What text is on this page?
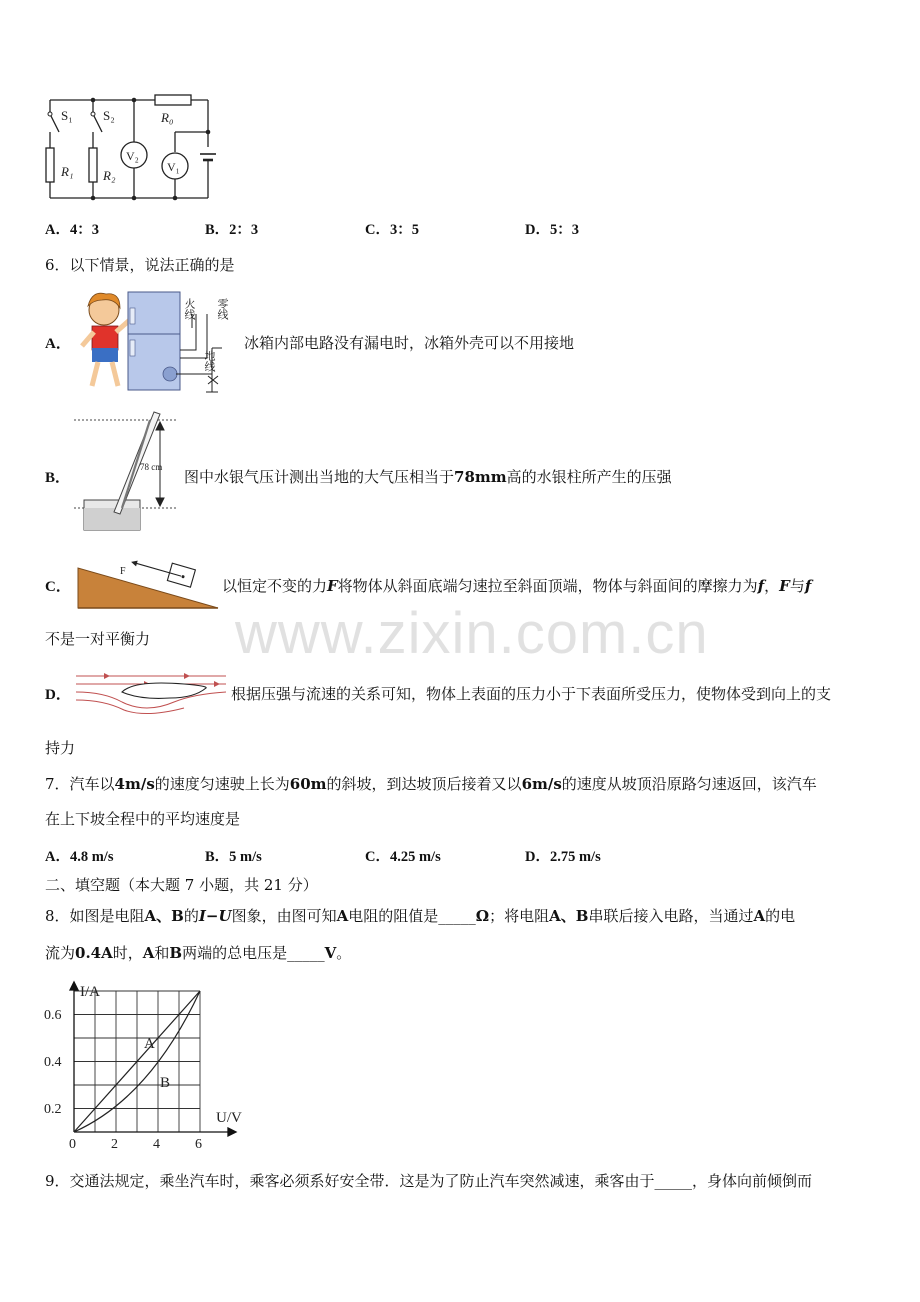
S₁ S₂
R₁ R₂
R₀
V₂
V₁
A．4：3	B．2：3	C．3：5	D．5：3
6．以下情景，说法正确的是
A．
火线 零线
地线
冰箱内部电路没有漏电时，冰箱外壳可以不用接地
B．
78 cm
图中水银气压计测出当地的大气压相当于78mm高的水银柱所产生的压强
C．
F
以恒定不变的力F将物体从斜面底端匀速拉至斜面顶端，物体与斜面间的摩擦力为f，F与f
不是一对平衡力
D．	根据压强与流速的关系可知，物体上表面的压力小于下表面所受压力，使物体受到向上的支
持力
7．汽车以4m/s的速度匀速驶上长为60m的斜坡，到达坡顶后接着又以6m/s的速度从坡顶沿原路匀速返回，该汽车
在上下坡全程中的平均速度是
A．4.8 m/s	B．5 m/s	C．4.25 m/s	D．2.75 m/s
二、填空题（本大题 7 小题，共 21 分）
8．如图是电阻A、B的I−U图象，由图可知A电阻的阻值是_____Ω；将电阻A、B串联后接入电路，当通过A的电
流为0.4A时，A和B两端的总电压是_____V。
A
B
I/A
U/V
0.6
0.4
0.2
0	2	4	6
9．交通法规定，乘坐汽车时，乘客必须系好安全带．这是为了防止汽车突然减速，乘客由于_____，身体向前倾倒而
www.zixin.com.cn
